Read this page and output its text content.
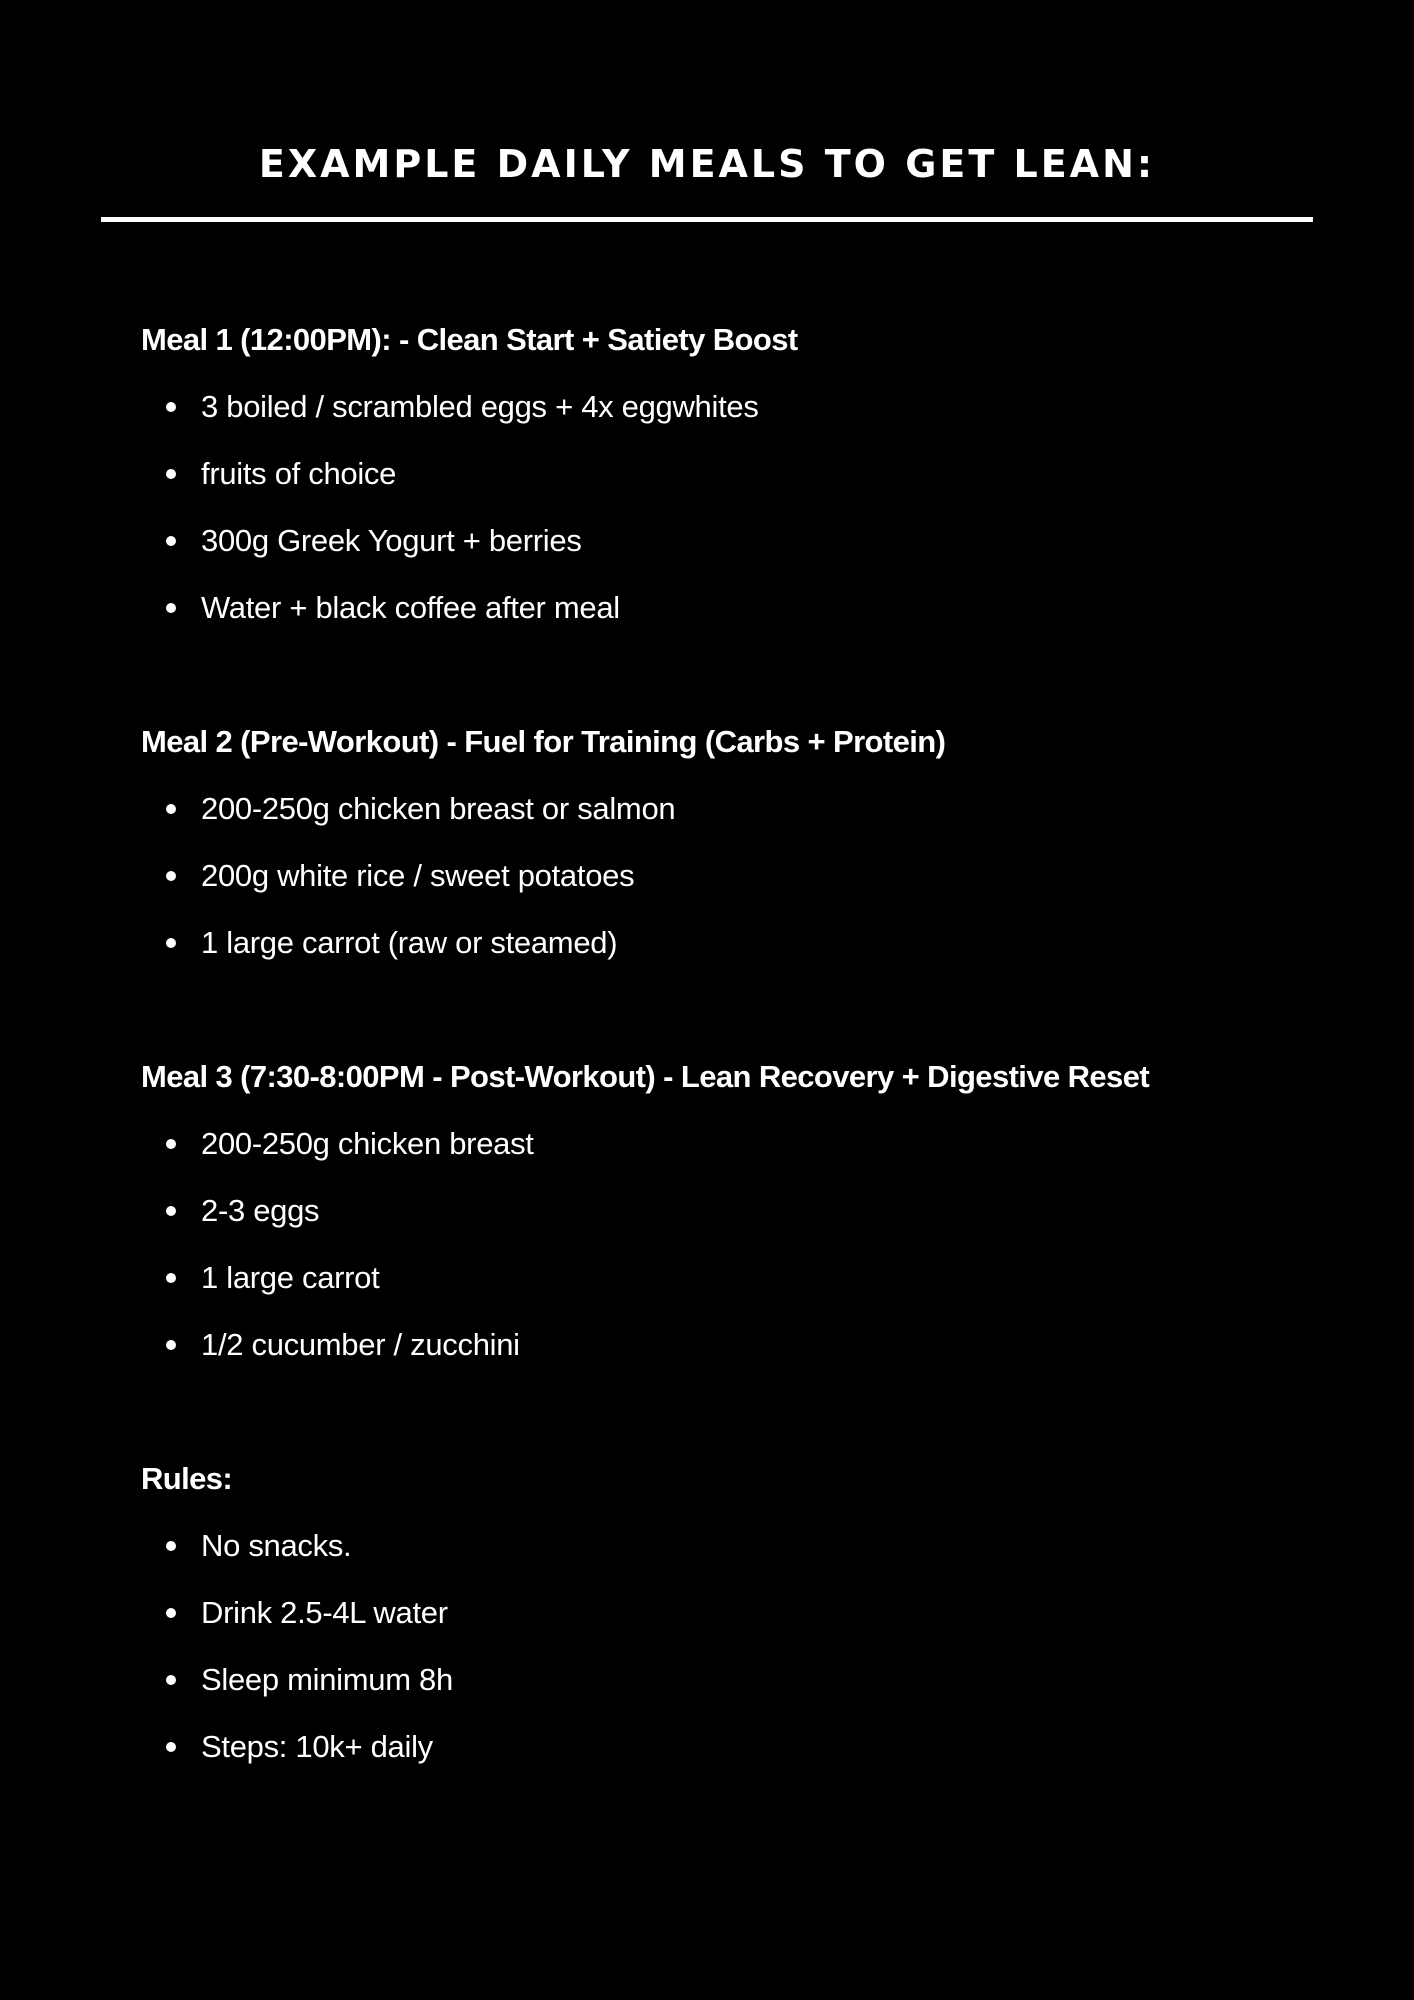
EXAMPLE DAILY MEALS TO GET LEAN:
Meal 1 (12:00PM): - Clean Start + Satiety Boost
3 boiled / scrambled eggs + 4x eggwhites
fruits of choice
300g Greek Yogurt + berries
Water + black coffee after meal
Meal 2 (Pre-Workout) - Fuel for Training (Carbs + Protein)
200-250g chicken breast or salmon
200g white rice / sweet potatoes
1 large carrot (raw or steamed)
Meal 3 (7:30-8:00PM - Post-Workout) - Lean Recovery + Digestive Reset
200-250g chicken breast
2-3 eggs
1 large carrot
1/2 cucumber / zucchini
Rules:
No snacks.
Drink 2.5-4L water
Sleep minimum 8h
Steps: 10k+ daily
